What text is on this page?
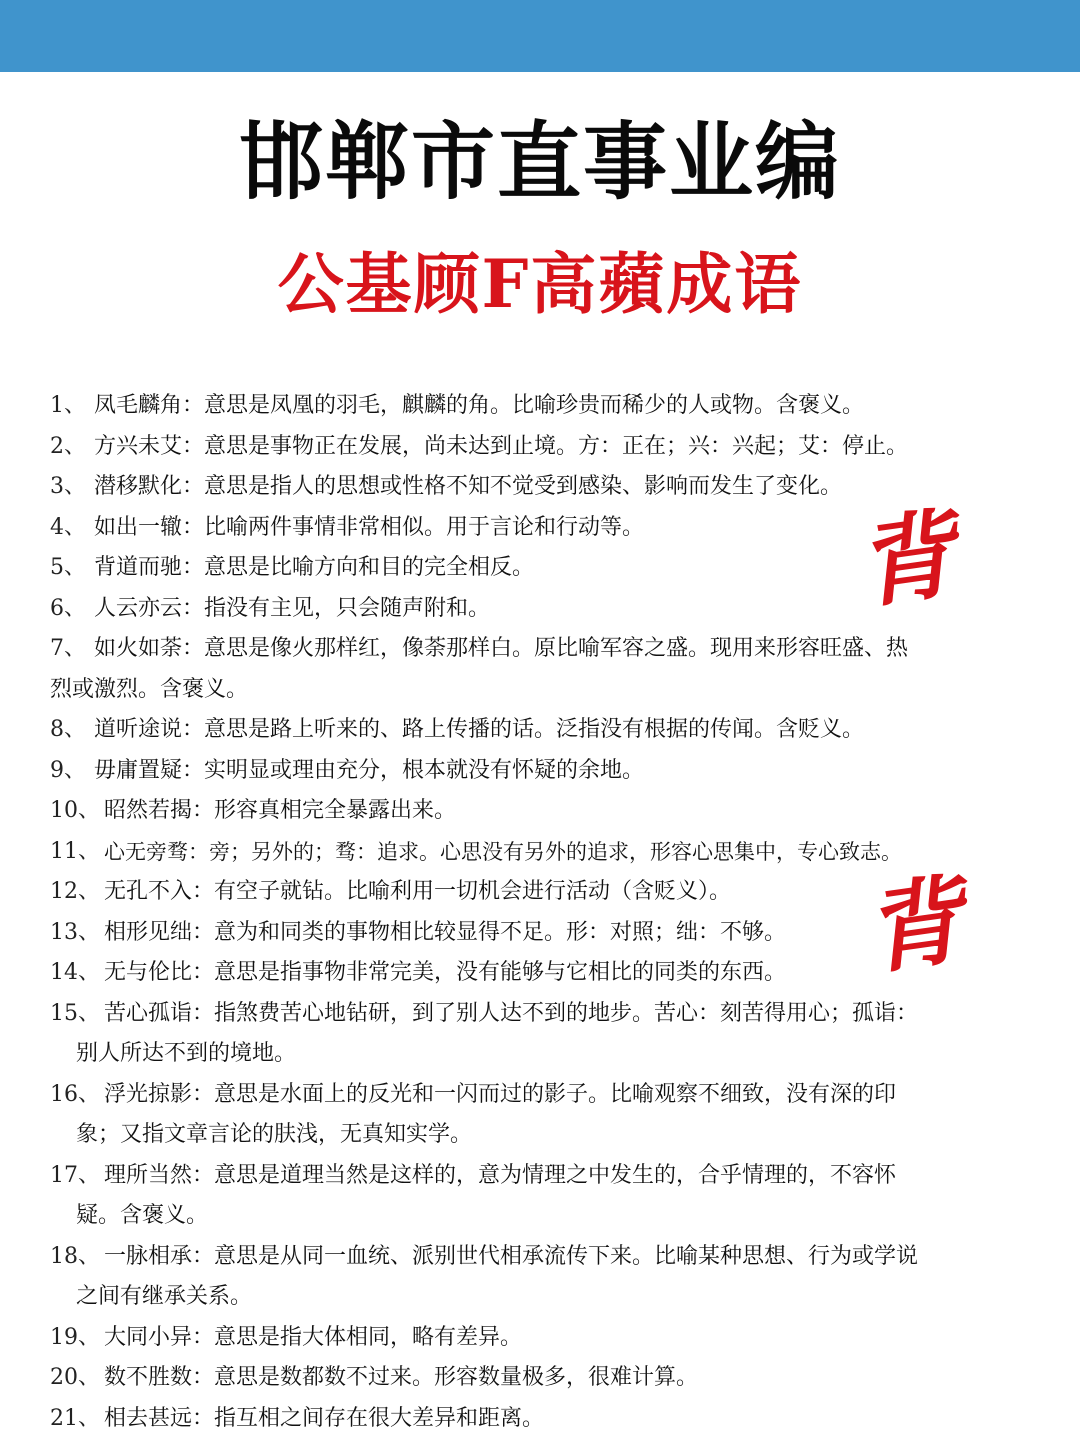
邯郸市直事业编
公基顾F高蘋成语
1、 凤毛麟角：意思是凤凰的羽毛，麒麟的角。比喻珍贵而稀少的人或物。含褒义。
2、 方兴未艾：意思是事物正在发展，尚未达到止境。方：正在；兴：兴起；艾：停止。
3、 潜移默化：意思是指人的思想或性格不知不觉受到感染、影响而发生了变化。
4、 如出一辙：比喻两件事情非常相似。用于言论和行动等。
5、 背道而驰：意思是比喻方向和目的完全相反。
6、 人云亦云：指没有主见，只会随声附和。
7、 如火如荼：意思是像火那样红，像荼那样白。原比喻军容之盛。现用来形容旺盛、热
烈或激烈。含褒义。
8、 道听途说：意思是路上听来的、路上传播的话。泛指没有根据的传闻。含贬义。
9、 毋庸置疑：实明显或理由充分，根本就没有怀疑的余地。
10、 昭然若揭：形容真相完全暴露出来。
11、 心无旁骛：旁；另外的；骛：追求。心思没有另外的追求，形容心思集中，专心致志。
12、 无孔不入：有空子就钻。比喻利用一切机会进行活动（含贬义）。
13、 相形见绌：意为和同类的事物相比较显得不足。形：对照；绌：不够。
14、 无与伦比：意思是指事物非常完美，没有能够与它相比的同类的东西。
15、 苦心孤诣：指煞费苦心地钻研，到了别人达不到的地步。苦心：刻苦得用心；孤诣：
别人所达不到的境地。
16、 浮光掠影：意思是水面上的反光和一闪而过的影子。比喻观察不细致，没有深的印
象；又指文章言论的肤浅，无真知实学。
17、 理所当然：意思是道理当然是这样的，意为情理之中发生的，合乎情理的，不容怀
疑。含褒义。
18、 一脉相承：意思是从同一血统、派别世代相承流传下来。比喻某种思想、行为或学说
之间有继承关系。
19、 大同小异：意思是指大体相同，略有差异。
20、 数不胜数：意思是数都数不过来。形容数量极多，很难计算。
21、 相去甚远：指互相之间存在很大差异和距离。
背
背
